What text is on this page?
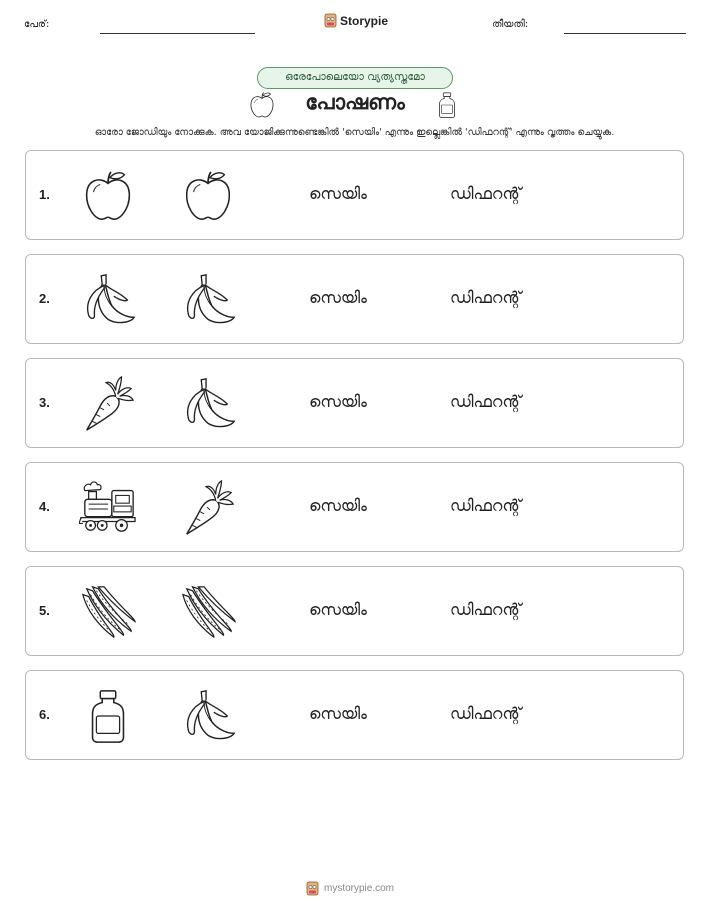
പേര്:	Storypie	തീയതി:
ഒരേപോലെയോ വ്യത്യസ്തമോ
പോഷണം
ഓരോ ജോഡിയും നോക്കുക. അവ യോജിക്കുന്നുണ്ടെങ്കിൽ 'സെയിം' എന്നും ഇല്ലെങ്കിൽ 'ഡിഫറന്റ്' എന്നും വൃത്തം ചെയ്യുക.
1.	സെയിം	ഡിഫറന്റ്
2.	സെയിം	ഡിഫറന്റ്
3.	സെയിം	ഡിഫറന്റ്
4.	സെയിം	ഡിഫറന്റ്
5.	സെയിം	ഡിഫറന്റ്
6.	സെയിം	ഡിഫറന്റ്
mystorypie.com
